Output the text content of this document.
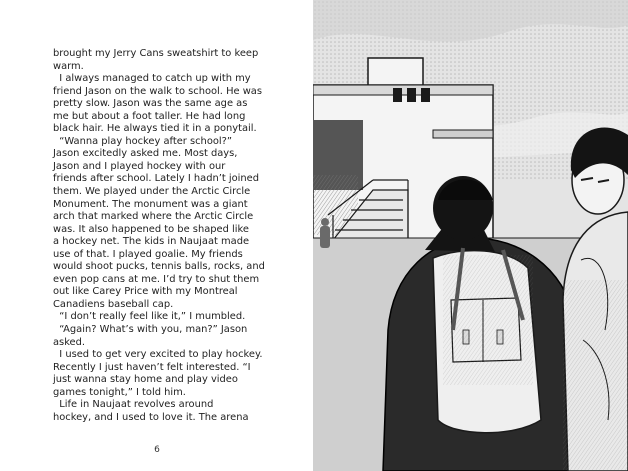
brought my Jerry Cans sweatshirt to keep
warm.
I always managed to catch up with my
friend Jason on the walk to school. He was
pretty slow. Jason was the same age as
me but about a foot taller. He had long
black hair. He always tied it in a ponytail.
“Wanna play hockey after school?”
Jason excitedly asked me. Most days,
Jason and I played hockey with our
friends after school. Lately I hadn’t joined
them. We played under the Arctic Circle
Monument. The monument was a giant
arch that marked where the Arctic Circle
was. It also happened to be shaped like
a hockey net. The kids in Naujaat made
use of that. I played goalie. My friends
would shoot pucks, tennis balls, rocks, and
even pop cans at me. I’d try to shut them
out like Carey Price with my Montreal
Canadiens baseball cap.
“I don’t really feel like it,” I mumbled.
“Again? What’s with you, man?” Jason
asked.
I used to get very excited to play hockey.
Recently I just haven’t felt interested. “I
just wanna stay home and play video
games tonight,” I told him.
Life in Naujaat revolves around
hockey, and I used to love it. The arena
6
